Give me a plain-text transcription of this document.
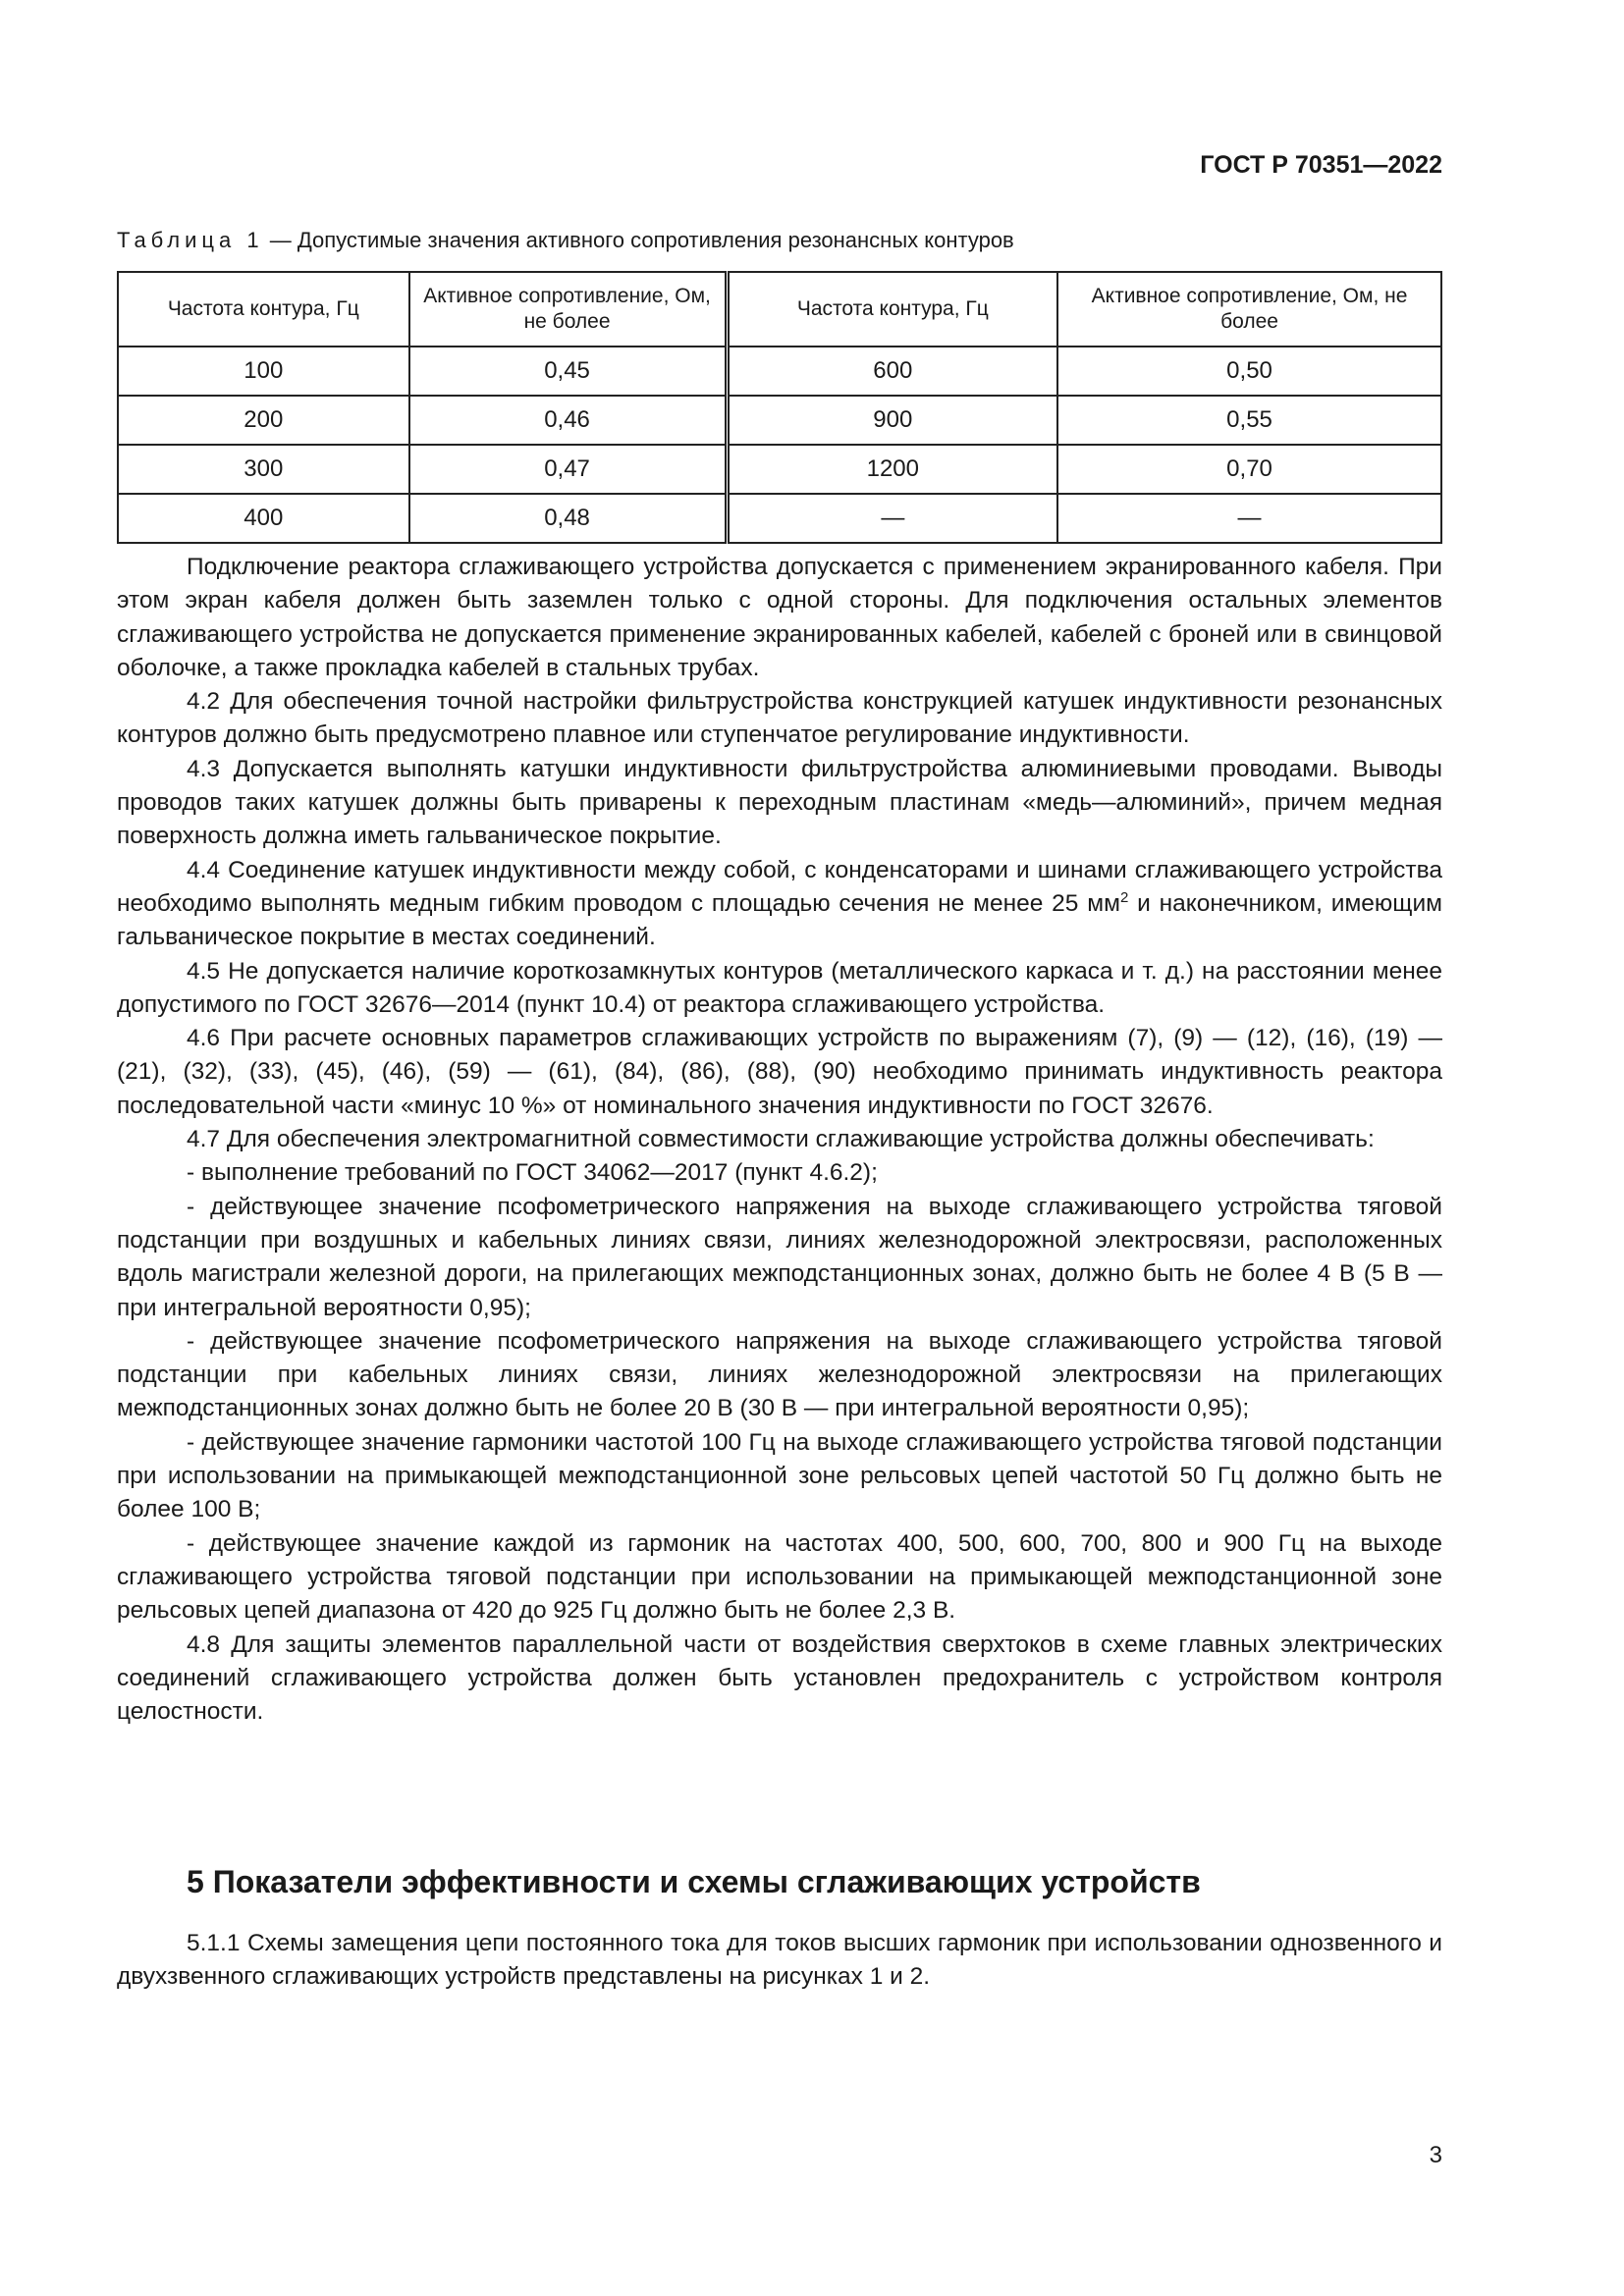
ГОСТ Р 70351—2022
Таблица 1 — Допустимые значения активного сопротивления резонансных контуров
Частота контура, Гц	Активное сопротивление, Ом, не более	Частота контура, Гц	Активное сопротивление, Ом, не более
100	0,45	600	0,50
200	0,46	900	0,55
300	0,47	1200	0,70
400	0,48	—	—

Подключение реактора сглаживающего устройства допускается с применением экранированного кабеля. При этом экран кабеля должен быть заземлен только с одной стороны. Для подключения остальных элементов сглаживающего устройства не допускается применение экранированных кабелей, кабелей с броней или в свинцовой оболочке, а также прокладка кабелей в стальных трубах.

4.2 Для обеспечения точной настройки фильтрустройства конструкцией катушек индуктивности резонансных контуров должно быть предусмотрено плавное или ступенчатое регулирование индуктивности.

4.3 Допускается выполнять катушки индуктивности фильтрустройства алюминиевыми проводами. Выводы проводов таких катушек должны быть приварены к переходным пластинам «медь—алюминий», причем медная поверхность должна иметь гальваническое покрытие.

4.4 Соединение катушек индуктивности между собой, с конденсаторами и шинами сглаживающего устройства необходимо выполнять медным гибким проводом с площадью сечения не менее 25 $мм^2$ и наконечником, имеющим гальваническое покрытие в местах соединений.

4.5 Не допускается наличие короткозамкнутых контуров (металлического каркаса и т. д.) на расстоянии менее допустимого по ГОСТ 32676—2014 (пункт 10.4) от реактора сглаживающего устройства.

4.6 При расчете основных параметров сглаживающих устройств по выражениям (7), (9) — (12), (16), (19) — (21), (32), (33), (45), (46), (59) — (61), (84), (86), (88), (90) необходимо принимать индуктивность реактора последовательной части «минус 10 %» от номинального значения индуктивности по ГОСТ 32676.

4.7 Для обеспечения электромагнитной совместимости сглаживающие устройства должны обеспечивать:

- выполнение требований по ГОСТ 34062—2017 (пункт 4.6.2);

- действующее значение псофометрического напряжения на выходе сглаживающего устройства тяговой подстанции при воздушных и кабельных линиях связи, линиях железнодорожной электросвязи, расположенных вдоль магистрали железной дороги, на прилегающих межподстанционных зонах, должно быть не более 4 В (5 В — при интегральной вероятности 0,95);

- действующее значение псофометрического напряжения на выходе сглаживающего устройства тяговой подстанции при кабельных линиях связи, линиях железнодорожной электросвязи на прилегающих межподстанционных зонах должно быть не более 20 В (30 В — при интегральной вероятности 0,95);

- действующее значение гармоники частотой 100 Гц на выходе сглаживающего устройства тяговой подстанции при использовании на примыкающей межподстанционной зоне рельсовых цепей частотой 50 Гц должно быть не более 100 В;

- действующее значение каждой из гармоник на частотах 400, 500, 600, 700, 800 и 900 Гц на выходе сглаживающего устройства тяговой подстанции при использовании на примыкающей межподстанционной зоне рельсовых цепей диапазона от 420 до 925 Гц должно быть не более 2,3 В.

4.8 Для защиты элементов параллельной части от воздействия сверхтоков в схеме главных электрических соединений сглаживающего устройства должен быть установлен предохранитель с устройством контроля целостности.

5 Показатели эффективности и схемы сглаживающих устройств

5.1.1 Схемы замещения цепи постоянного тока для токов высших гармоник при использовании однозвенного и двухзвенного сглаживающих устройств представлены на рисунках 1 и 2.

3
